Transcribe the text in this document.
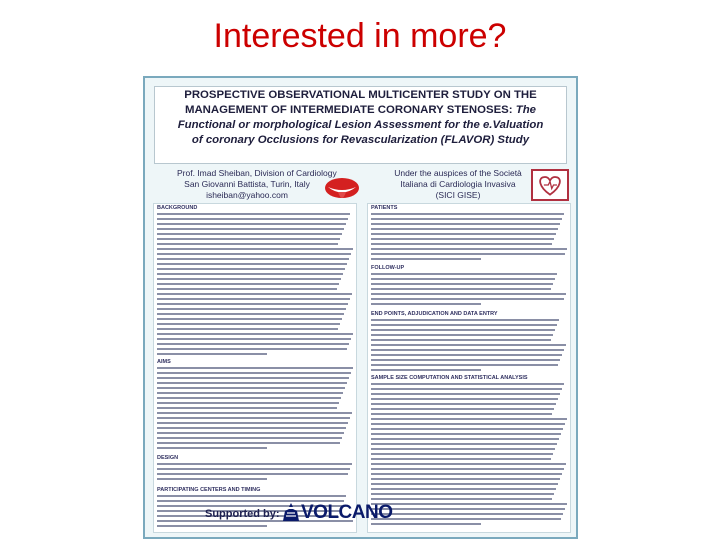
Interested in more?
PROSPECTIVE OBSERVATIONAL MULTICENTER STUDY ON THE
MANAGEMENT OF INTERMEDIATE CORONARY STENOSES: The
Functional or morphological Lesion Assessment for the e.Valuation
of coronary Occlusions for Revascularization (FLAVOR) Study
Prof. Imad Sheiban, Division of Cardiology
San Giovanni Battista, Turin, Italy
isheiban@yahoo.com
Under the auspices of the Società
Italiana di Cardiologia Invasiva
(SICI GISE)
BACKGROUND
AIMS
DESIGN
PARTICIPATING CENTERS AND TIMING
PATIENTS
FOLLOW-UP
END POINTS, ADJUDICATION AND DATA ENTRY
SAMPLE SIZE COMPUTATION AND STATISTICAL ANALYSIS
Supported by: VOLCANO
